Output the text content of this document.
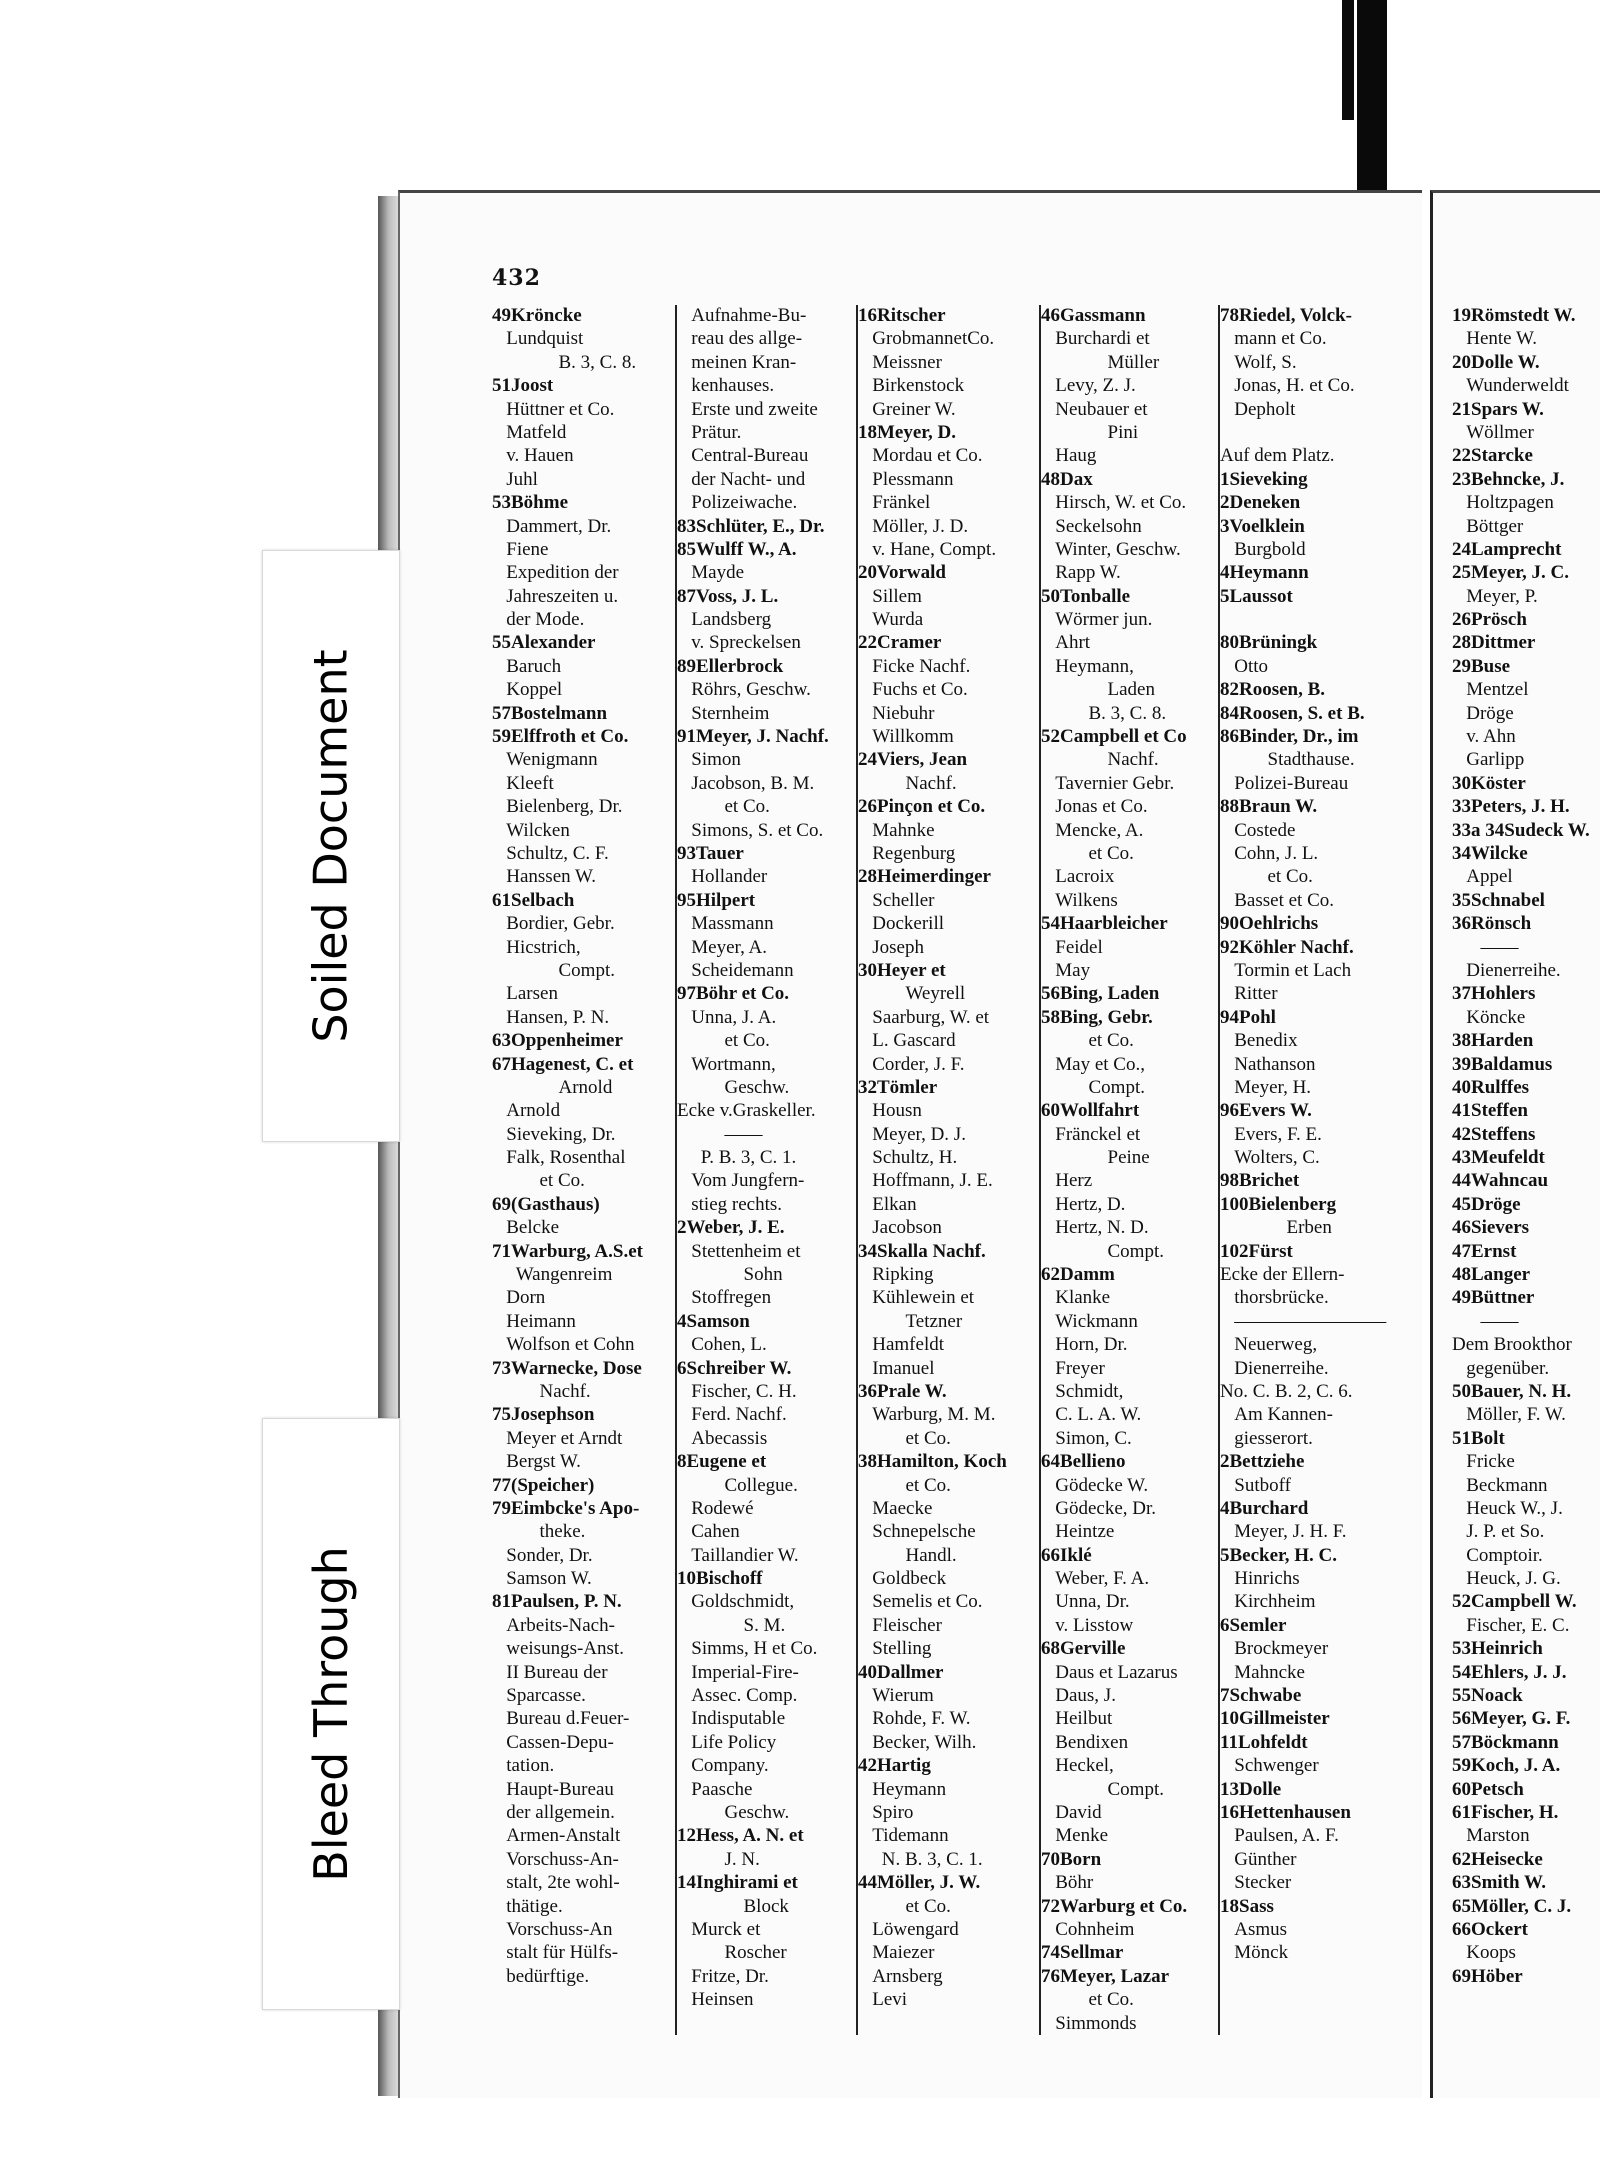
432
49Kröncke
Lundquist
B. 3, C. 8.
51Joost
Hüttner et Co.
Matfeld
v. Hauen
Juhl
53Böhme
Dammert, Dr.
Fiene
Expedition der
Jahreszeiten u.
der Mode.
55Alexander
Baruch
Koppel
57Bostelmann
59Elffroth et Co.
Wenigmann
Kleeft
Bielenberg, Dr.
Wilcken
Schultz, C. F.
Hanssen W.
61Selbach
Bordier, Gebr.
Hicstrich,
Compt.
Larsen
Hansen, P. N.
63Oppenheimer
67Hagenest, C. et
Arnold
Arnold
Sieveking, Dr.
Falk, Rosenthal
et Co.
69(Gasthaus)
Belcke
71Warburg, A.S.et
Wangenreim
Dorn
Heimann
Wolfson et Cohn
73Warnecke, Dose
Nachf.
75Josephson
Meyer et Arndt
Bergst W.
77(Speicher)
79Eimbcke's Apo-
theke.
Sonder, Dr.
Samson W.
81Paulsen, P. N.
Arbeits-Nach-
weisungs-Anst.
II Bureau der
Sparcasse.
Bureau d.Feuer-
Cassen-Depu-
tation.
Haupt-Bureau
der allgemein.
Armen-Anstalt
Vorschuss-An-
stalt, 2te wohl-
thätige.
Vorschuss-An
stalt für Hülfs-
bedürftige.
Aufnahme-Bu-
reau des allge-
meinen Kran-
kenhauses.
Erste und zweite
Prätur.
Central-Bureau
der Nacht- und
Polizeiwache.
83Schlüter, E., Dr.
85Wulff W., A.
Mayde
87Voss, J. L.
Landsberg
v. Spreckelsen
89Ellerbrock
Röhrs, Geschw.
Sternheim
91Meyer, J. Nachf.
Simon
Jacobson, B. M.
et Co.
Simons, S. et Co.
93Tauer
Hollander
95Hilpert
Massmann
Meyer, A.
Scheidemann
97Böhr et Co.
Unna, J. A.
et Co.
Wortmann,
Geschw.
Ecke v.Graskeller.
——
P. B. 3, C. 1.
Vom Jungfern-
stieg rechts.
2Weber, J. E.
Stettenheim et
Sohn
Stoffregen
4Samson
Cohen, L.
6Schreiber W.
Fischer, C. H.
Ferd. Nachf.
Abecassis
8Eugene et
Collegue.
Rodewé
Cahen
Taillandier W.
10Bischoff
Goldschmidt,
S. M.
Simms, H et Co.
Imperial-Fire-
Assec. Comp.
Indisputable
Life Policy
Company.
Paasche
Geschw.
12Hess, A. N. et
J. N.
14Inghirami et
Block
Murck et
Roscher
Fritze, Dr.
Heinsen
16Ritscher
GrobmannetCo.
Meissner
Birkenstock
Greiner W.
18Meyer, D.
Mordau et Co.
Plessmann
Fränkel
Möller, J. D.
v. Hane, Compt.
20Vorwald
Sillem
Wurda
22Cramer
Ficke Nachf.
Fuchs et Co.
Niebuhr
Willkomm
24Viers, Jean
Nachf.
26Pinçon et Co.
Mahnke
Regenburg
28Heimerdinger
Scheller
Dockerill
Joseph
30Heyer et
Weyrell
Saarburg, W. et
L. Gascard
Corder, J. F.
32Tömler
Housn
Meyer, D. J.
Schultz, H.
Hoffmann, J. E.
Elkan
Jacobson
34Skalla Nachf.
Ripking
Kühlewein et
Tetzner
Hamfeldt
Imanuel
36Prale W.
Warburg, M. M.
et Co.
38Hamilton, Koch
et Co.
Maecke
Schnepelsche
Handl.
Goldbeck
Semelis et Co.
Fleischer
Stelling
40Dallmer
Wierum
Rohde, F. W.
Becker, Wilh.
42Hartig
Heymann
Spiro
Tidemann
N. B. 3, C. 1.
44Möller, J. W.
et Co.
Löwengard
Maiezer
Arnsberg
Levi
46Gassmann
Burchardi et
Müller
Levy, Z. J.
Neubauer et
Pini
Haug
48Dax
Hirsch, W. et Co.
Seckelsohn
Winter, Geschw.
Rapp W.
50Tonballe
Wörmer jun.
Ahrt
Heymann,
Laden
B. 3, C. 8.
52Campbell et Co
Nachf.
Tavernier Gebr.
Jonas et Co.
Mencke, A.
et Co.
Lacroix
Wilkens
54Haarbleicher
Feidel
May
56Bing, Laden
58Bing, Gebr.
et Co.
May et Co.,
Compt.
60Wollfahrt
Fränckel et
Peine
Herz
Hertz, D.
Hertz, N. D.
Compt.
62Damm
Klanke
Wickmann
Horn, Dr.
Freyer
Schmidt,
C. L. A. W.
Simon, C.
64Bellieno
Gödecke W.
Gödecke, Dr.
Heintze
66Iklé
Weber, F. A.
Unna, Dr.
v. Lisstow
68Gerville
Daus et Lazarus
Daus, J.
Heilbut
Bendixen
Heckel,
Compt.
David
Menke
70Born
Böhr
72Warburg et Co.
Cohnheim
74Sellmar
76Meyer, Lazar
et Co.
Simmonds
78Riedel, Volck-
mann et Co.
Wolf, S.
Jonas, H. et Co.
Depholt
Auf dem Platz.
1Sieveking
2Deneken
3Voelklein
Burgbold
4Heymann
5Laussot
80Brüningk
Otto
82Roosen, B.
84Roosen, S. et B.
86Binder, Dr., im
Stadthause.
Polizei-Bureau
88Braun W.
Costede
Cohn, J. L.
et Co.
Basset et Co.
90Oehlrichs
92Köhler Nachf.
Tormin et Lach
Ritter
94Pohl
Benedix
Nathanson
Meyer, H.
96Evers W.
Evers, F. E.
Wolters, C.
98Brichet
100Bielenberg
Erben
102Fürst
Ecke der Ellern-
thorsbrücke.
————————
Neuerweg,
Dienerreihe.
No. C. B. 2, C. 6.
Am Kannen-
giesserort.
2Bettziehe
Sutboff
4Burchard
Meyer, J. H. F.
5Becker, H. C.
Hinrichs
Kirchheim
6Semler
Brockmeyer
Mahncke
7Schwabe
10Gillmeister
11Lohfeldt
Schwenger
13Dolle
16Hettenhausen
Paulsen, A. F.
Günther
Stecker
18Sass
Asmus
Mönck
19Römstedt W.
Hente W.
20Dolle W.
Wunderweldt
21Spars W.
Wöllmer
22Starcke
23Behncke, J.
Holtzpagen
Böttger
24Lamprecht
25Meyer, J. C.
Meyer, P.
26Prösch
28Dittmer
29Buse
Mentzel
Dröge
v. Ahn
Garlipp
30Köster
33Peters, J. H.
33a 34Sudeck W.
34Wilcke
Appel
35Schnabel
36Rönsch
——
Dienerreihe.
37Hohlers
Köncke
38Harden
39Baldamus
40Rulffes
41Steffen
42Steffens
43Meufeldt
44Wahncau
45Dröge
46Sievers
47Ernst
48Langer
49Büttner
——
Dem Brookthor
gegenüber.
50Bauer, N. H.
Möller, F. W.
51Bolt
Fricke
Beckmann
Heuck W., J.
J. P. et So.
Comptoir.
Heuck, J. G.
52Campbell W.
Fischer, E. C.
53Heinrich
54Ehlers, J. J.
55Noack
56Meyer, G. F.
57Böckmann
59Koch, J. A.
60Petsch
61Fischer, H.
Marston
62Heisecke
63Smith W.
65Möller, C. J.
66Ockert
Koops
69Höber
Soiled Document
Bleed Through
